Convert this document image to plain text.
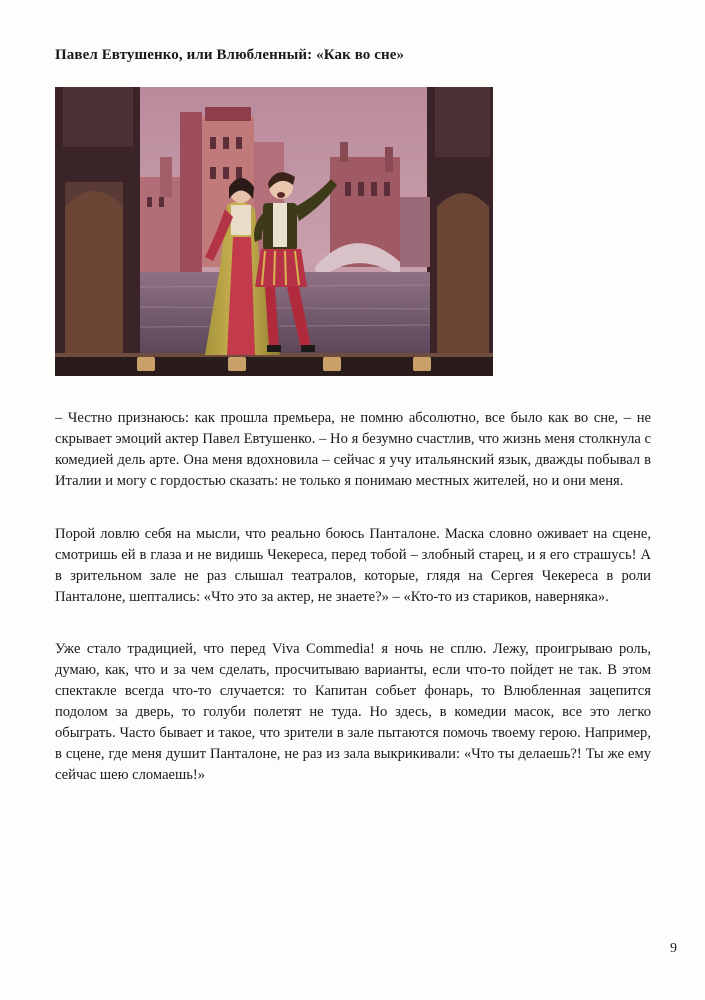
Павел Евтушенко, или Влюбленный: «Как во сне»

– Честно признаюсь: как прошла премьера, не помню абсолютно, все было как во сне, – не скрывает эмоций актер Павел Евтушенко. – Но я безумно счастлив, что жизнь меня столкнула с комедией дель арте. Она меня вдохновила – сейчас я учу итальянский язык, дважды побывал в Италии и могу с гордостью сказать: не только я понимаю местных жителей, но и они меня.

Порой ловлю себя на мысли, что реально боюсь Панталоне. Маска словно оживает на сцене, смотришь ей в глаза и не видишь Чекереса, перед тобой – злобный старец, и я его страшусь! А в зрительном зале не раз слышал театралов, которые, глядя на Сергея Чекереса в роли Панталоне, шептались: «Что это за актер, не знаете?» – «Кто-то из стариков, наверняка».

Уже стало традицией, что перед Viva Commedia! я ночь не сплю. Лежу, проигрываю роль, думаю, как, что и за чем сделать, просчитываю варианты, если что-то пойдет не так. В этом спектакле всегда что-то случается: то Капитан собьет фонарь, то Влюбленная зацепится подолом за дверь, то голуби полетят не туда. Но здесь, в комедии масок, все это легко обыграть. Часто бывает и такое, что зрители в зале пытаются помочь твоему герою. Например, в сцене, где меня душит Панталоне, не раз из зала выкрикивали: «Что ты делаешь?! Ты же ему сейчас шею сломаешь!»

9
